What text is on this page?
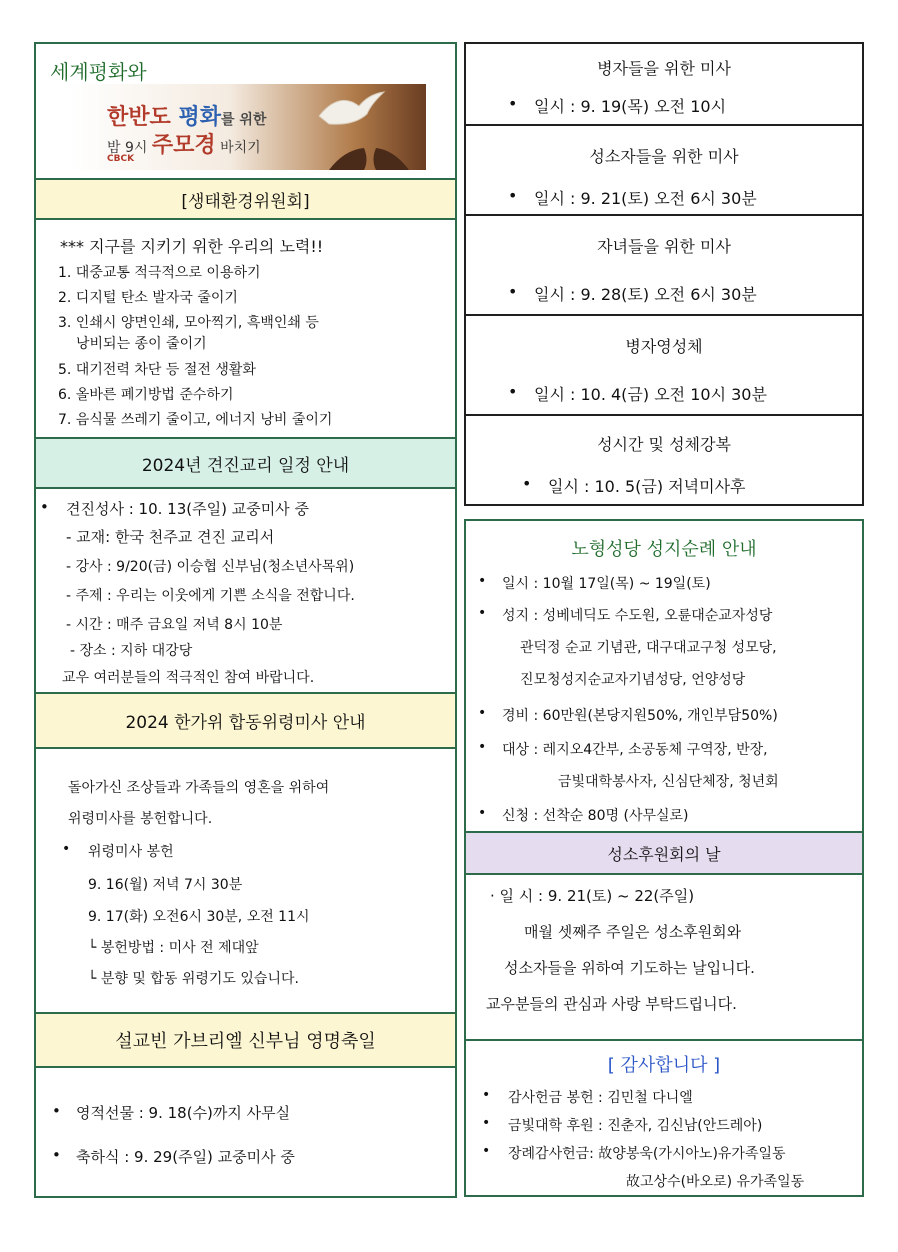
세계평화와
한반도 평화를 위한
밤 9시 주모경 바치기
CBCK
[생태환경위원회]
*** 지구를 지키기 위한 우리의 노력!!
1. 대중교통 적극적으로 이용하기
2. 디지털 탄소 발자국 줄이기
3. 인쇄시 양면인쇄, 모아찍기, 흑백인쇄 등
낭비되는 종이 줄이기
5. 대기전력 차단 등 절전 생활화
6. 올바른 폐기방법 준수하기
7. 음식물 쓰레기 줄이고, 에너지 낭비 줄이기
2024년 견진교리 일정 안내
• 견진성사 : 10. 13(주일) 교중미사 중
- 교재: 한국 천주교 견진 교리서
- 강사 : 9/20(금) 이승협 신부님(청소년사목위)
- 주제 : 우리는 이웃에게 기쁜 소식을 전합니다.
- 시간 : 매주 금요일 저녁 8시 10분
- 장소 : 지하 대강당
교우 여러분들의 적극적인 참여 바랍니다.
2024 한가위 합동위령미사 안내
돌아가신 조상들과 가족들의 영혼을 위하여
위령미사를 봉헌합니다.
• 위령미사 봉헌
9. 16(월) 저녁 7시 30분
9. 17(화) 오전6시 30분, 오전 11시
└ 봉헌방법 : 미사 전 제대앞
└ 분향 및 합동 위령기도 있습니다.
설교빈 가브리엘 신부님 영명축일
• 영적선물 : 9. 18(수)까지 사무실
• 축하식 : 9. 29(주일) 교중미사 중
병자들을 위한 미사
• 일시 : 9. 19(목) 오전 10시
성소자들을 위한 미사
• 일시 : 9. 21(토) 오전 6시 30분
자녀들을 위한 미사
• 일시 : 9. 28(토) 오전 6시 30분
병자영성체
• 일시 : 10. 4(금) 오전 10시 30분
성시간 및 성체강복
• 일시 : 10. 5(금) 저녁미사후
노형성당 성지순례 안내
• 일시 : 10월 17일(목) ~ 19일(토)
• 성지 : 성베네딕도 수도원, 오륜대순교자성당
관덕정 순교 기념관, 대구대교구청 성모당,
진모청성지순교자기념성당, 언양성당
• 경비 : 60만원(본당지원50%, 개인부담50%)
• 대상 : 레지오4간부, 소공동체 구역장, 반장,
금빛대학봉사자, 신심단체장, 청년회
• 신청 : 선착순 80명 (사무실로)
성소후원회의 날
· 일 시 : 9. 21(토) ~ 22(주일)
매월 셋째주 주일은 성소후원회와
성소자들을 위하여 기도하는 날입니다.
교우분들의 관심과 사랑 부탁드립니다.
[ 감사합니다 ]
• 감사헌금 봉헌 : 김민철 다니엘
• 금빛대학 후원 : 진춘자, 김신남(안드레아)
• 장례감사헌금: 故양봉욱(가시아노)유가족일동
故고상수(바오로) 유가족일동
